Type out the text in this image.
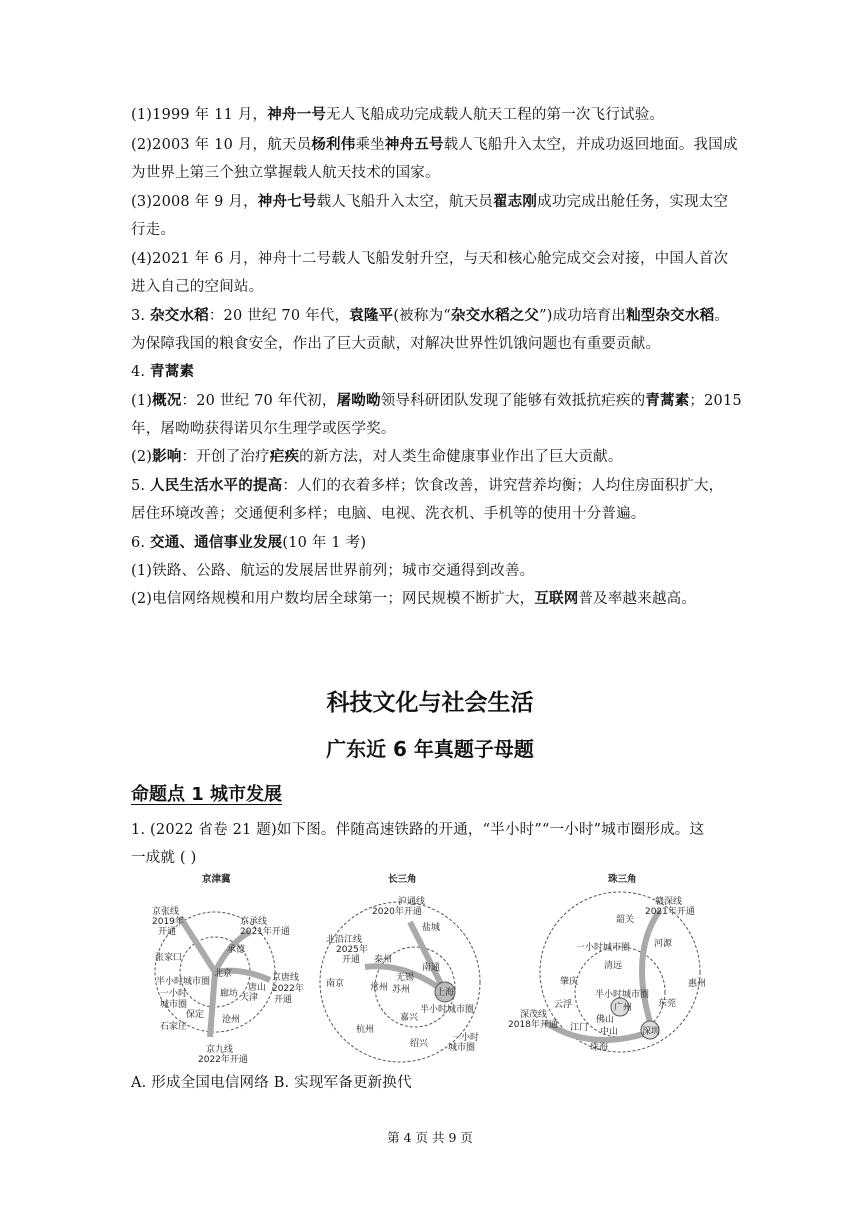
(1)1999 年 11 月，神舟一号无人飞船成功完成载人航天工程的第一次飞行试验。
(2)2003 年 10 月，航天员杨利伟乘坐神舟五号载人飞船升入太空，并成功返回地面。我国成
为世界上第三个独立掌握载人航天技术的国家。
(3)2008 年 9 月，神舟七号载人飞船升入太空，航天员翟志刚成功完成出舱任务，实现太空
行走。
(4)2021 年 6 月，神舟十二号载人飞船发射升空，与天和核心舱完成交会对接，中国人首次
进入自己的空间站。
3. 杂交水稻：20 世纪 70 年代，袁隆平(被称为“杂交水稻之父”)成功培育出籼型杂交水稻。
为保障我国的粮食安全，作出了巨大贡献，对解决世界性饥饿问题也有重要贡献。
4. 青蒿素
(1)概况：20 世纪 70 年代初，屠呦呦领导科研团队发现了能够有效抵抗疟疾的青蒿素；2015
年，屠呦呦获得诺贝尔生理学或医学奖。
(2)影响：开创了治疗疟疾的新方法，对人类生命健康事业作出了巨大贡献。
5. 人民生活水平的提高：人们的衣着多样；饮食改善，讲究营养均衡；人均住房面积扩大，
居住环境改善；交通便利多样；电脑、电视、洗衣机、手机等的使用十分普遍。
6. 交通、通信事业发展(10 年 1 考)
(1)铁路、公路、航运的发展居世界前列；城市交通得到改善。
(2)电信网络规模和用户数均居全球第一；网民规模不断扩大，互联网普及率越来越高。
科技文化与社会生活
广东近 6 年真题子母题
命题点 1 城市发展
1. (2022 省卷 21 题)如下图。伴随高速铁路的开通，“半小时”“一小时”城市圈形成。这
一成就 ( )
京津冀
京张线
2019年
开通
京承线
2021年开通
承德
张家口
北京	京唐线
唐山 2022年
开通
半小时城市圈
一小时
城市圈
廊坊 天津
保定
石家庄
沧州
京九线
2022年开通
长三角
沪通线
2020年开通
盐城
北沿江线
2025年
开通 泰州
南通
南京
无锡
常州 苏州	上海
嘉兴
半小时城市圈
杭州
一小时
城市圈
绍兴
珠三角
赣深线
2021年开通
韶关
一小时城市圈	河源
清远
肇庆
半小时城市圈
惠州
云浮	东莞
广州
深茂线
2018年开通 江门
佛山
中山	深圳
珠海
A. 形成全国电信网络 B. 实现军备更新换代
第 4 页 共 9 页
